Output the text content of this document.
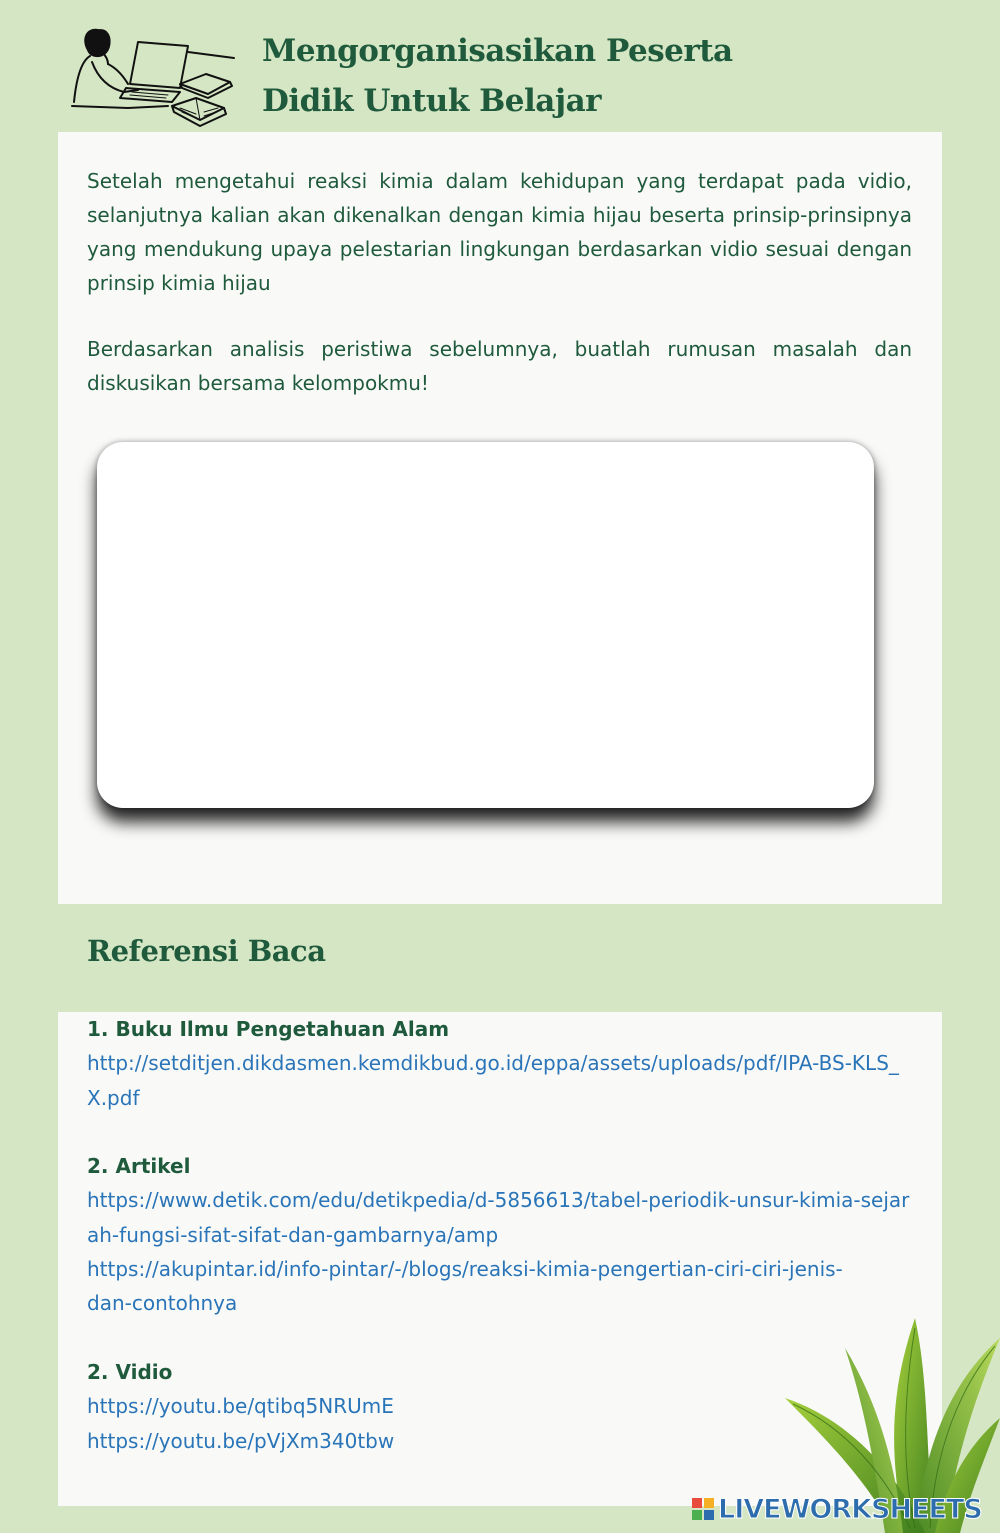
Mengorganisasikan Peserta
Didik Untuk Belajar

Setelah mengetahui reaksi kimia dalam kehidupan yang terdapat pada vidio, selanjutnya kalian akan dikenalkan dengan kimia hijau beserta prinsip-prinsipnya yang mendukung upaya pelestarian lingkungan berdasarkan vidio sesuai dengan prinsip kimia hijau

Berdasarkan analisis peristiwa sebelumnya, buatlah rumusan masalah dan diskusikan bersama kelompokmu!

Referensi Baca
1. Buku Ilmu Pengetahuan Alam
http://setditjen.dikdasmen.kemdikbud.go.id/eppa/assets/uploads/pdf/IPA-BS-KLS_X.pdf
2. Artikel
https://www.detik.com/edu/detikpedia/d-5856613/tabel-periodik-unsur-kimia-sejarah-fungsi-sifat-sifat-dan-gambarnya/amp
https://akupintar.id/info-pintar/-/blogs/reaksi-kimia-pengertian-ciri-ciri-jenis-
dan-contohnya
2. Vidio
https://youtu.be/qtibq5NRUmE
https://youtu.be/pVjXm340tbw
LIVEWORKSHEETS
